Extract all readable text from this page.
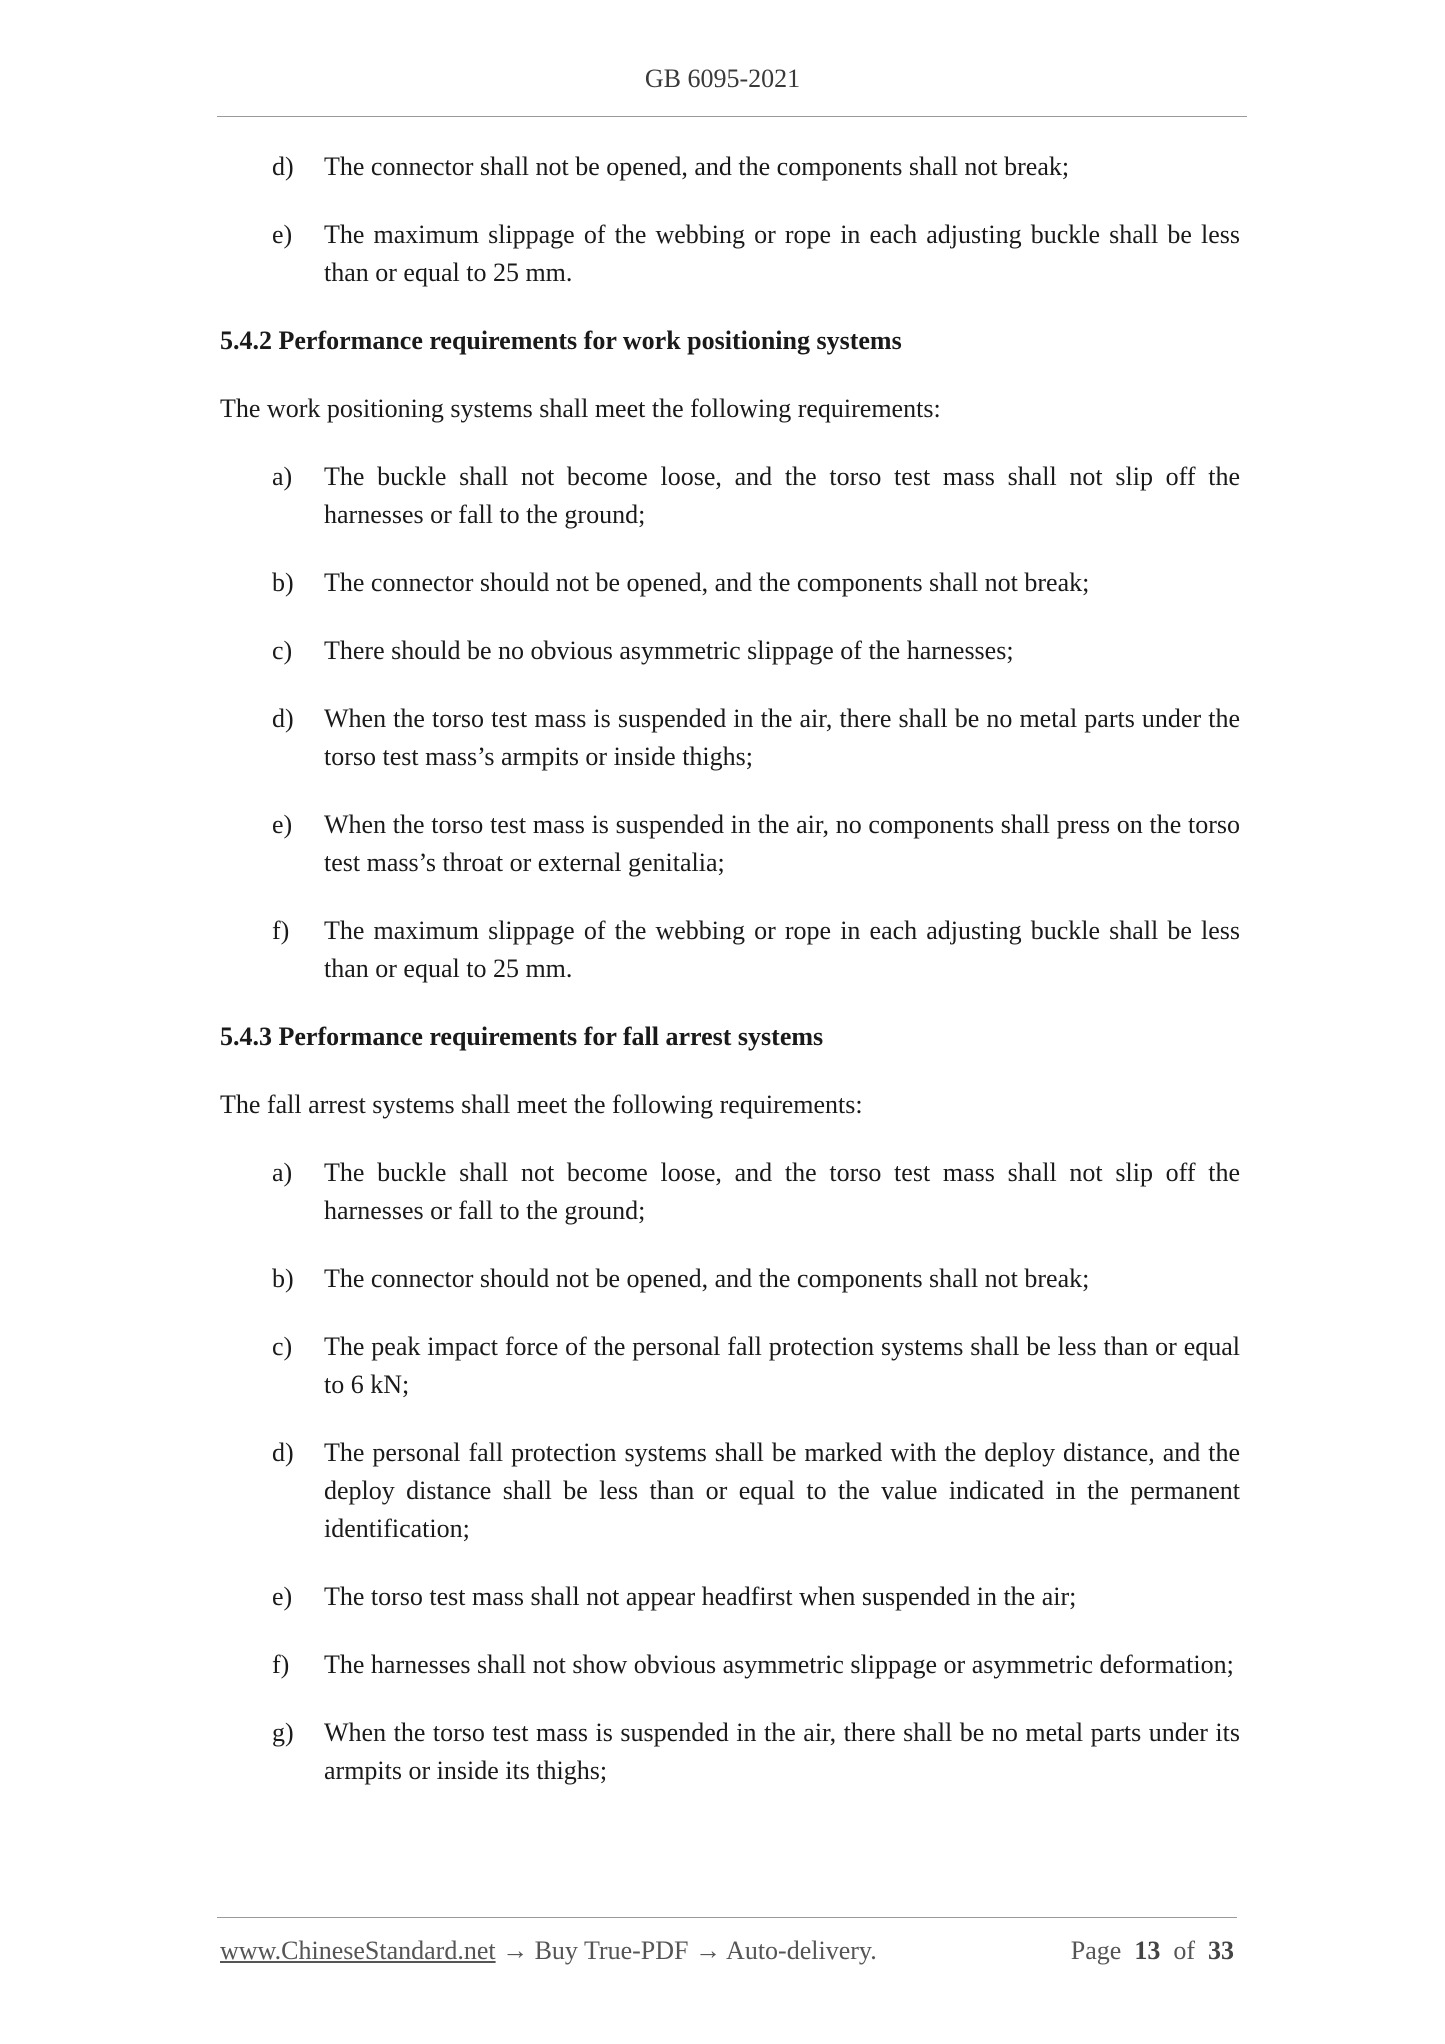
GB 6095-2021
d)	The connector shall not be opened, and the components shall not break;
e)	The maximum slippage of the webbing or rope in each adjusting buckle shall be less than or equal to 25 mm.
5.4.2 Performance requirements for work positioning systems
The work positioning systems shall meet the following requirements:
a)	The buckle shall not become loose, and the torso test mass shall not slip off the harnesses or fall to the ground;
b)	The connector should not be opened, and the components shall not break;
c)	There should be no obvious asymmetric slippage of the harnesses;
d)	When the torso test mass is suspended in the air, there shall be no metal parts under the torso test mass’s armpits or inside thighs;
e)	When the torso test mass is suspended in the air, no components shall press on the torso test mass’s throat or external genitalia;
f)	The maximum slippage of the webbing or rope in each adjusting buckle shall be less than or equal to 25 mm.
5.4.3 Performance requirements for fall arrest systems
The fall arrest systems shall meet the following requirements:
a)	The buckle shall not become loose, and the torso test mass shall not slip off the harnesses or fall to the ground;
b)	The connector should not be opened, and the components shall not break;
c)	The peak impact force of the personal fall protection systems shall be less than or equal to 6 kN;
d)	The personal fall protection systems shall be marked with the deploy distance, and the deploy distance shall be less than or equal to the value indicated in the permanent identification;
e)	The torso test mass shall not appear headfirst when suspended in the air;
f)	The harnesses shall not show obvious asymmetric slippage or asymmetric deformation;
g)	When the torso test mass is suspended in the air, there shall be no metal parts under its armpits or inside its thighs;
www.ChineseStandard.net → Buy True-PDF → Auto-delivery.	Page 13 of 33
